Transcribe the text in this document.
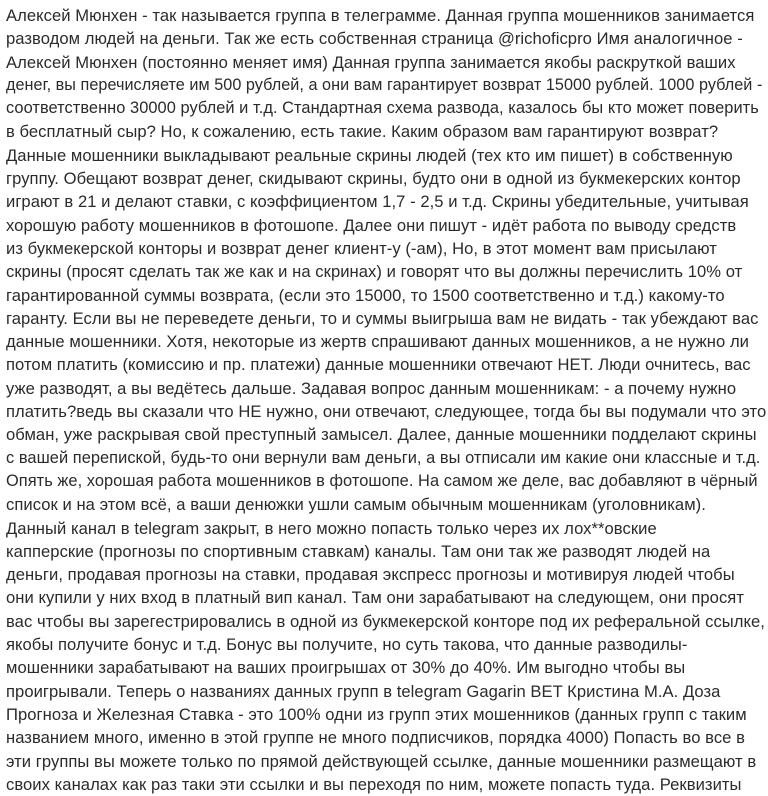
Алексей Мюнхен - так называется группа в телеграмме. Данная группа мошенников занимается
разводом людей на деньги. Так же есть собственная страница @richoficpro Имя аналогичное -
Алексей Мюнхен (постоянно меняет имя) Данная группа занимается якобы раскруткой ваших
денег, вы перечисляете им 500 рублей, а они вам гарантирует возврат 15000 рублей. 1000 рублей -
соответственно 30000 рублей и т.д. Стандартная схема развода, казалось бы кто может поверить
в бесплатный сыр? Но, к сожалению, есть такие. Каким образом вам гарантируют возврат?
Данные мошенники выкладывают реальные скрины людей (тех кто им пишет) в собственную
группу. Обещают возврат денег, скидывают скрины, будто они в одной из букмекерских контор
играют в 21 и делают ставки, с коэффициентом 1,7 - 2,5 и т.д. Скрины убедительные, учитывая
хорошую работу мошенников в фотошопе. Далее они пишут - идёт работа по выводу средств
из букмекерской конторы и возврат денег клиент-у (-ам), Но, в этот момент вам присылают
скрины (просят сделать так же как и на скринах) и говорят что вы должны перечислить 10% от
гарантированной суммы возврата, (если это 15000, то 1500 соответственно и т.д.) какому-то
гаранту. Если вы не переведете деньги, то и суммы выигрыша вам не видать - так убеждают вас
данные мошенники. Хотя, некоторые из жертв спрашивают данных мошенников, а не нужно ли
потом платить (комиссию и пр. платежи) данные мошенники отвечают НЕТ. Люди очнитесь, вас
уже разводят, а вы ведётесь дальше. Задавая вопрос данным мошенникам: - а почему нужно
платить?ведь вы сказали что НЕ нужно, они отвечают, следующее, тогда бы вы подумали что это
обман, уже раскрывая свой преступный замысел. Далее, данные мошенники подделают скрины
с вашей перепиской, будь-то они вернули вам деньги, а вы отписали им какие они классные и т.д.
Опять же, хорошая работа мошенников в фотошопе. На самом же деле, вас добавляют в чёрный
список и на этом всё, а ваши денюжки ушли самым обычным мошенникам (уголовникам).
Данный канал в telegram закрыт, в него можно попасть только через их лох**овские
капперские (прогнозы по спортивным ставкам) каналы. Там они так же разводят людей на
деньги, продавая прогнозы на ставки, продавая экспресс прогнозы и мотивируя людей чтобы
они купили у них вход в платный вип канал. Там они зарабатывают на следующем, они просят
вас чтобы вы зарегестрировались в одной из букмекерской конторе под их реферальной ссылке,
якобы получите бонус и т.д. Бонус вы получите, но суть такова, что данные разводилы-
мошенники зарабатывают на ваших проигрышах от 30% до 40%. Им выгодно чтобы вы
проигрывали. Теперь о названиях данных групп в telegram Gagarin BET Кристина М.А. Доза
Прогноза и Железная Ставка - это 100% одни из групп этих мошенников (данных групп с таким
названием много, именно в этой группе не много подписчиков, порядка 4000) Попасть во все в
эти группы вы можете только по прямой действующей ссылке, данные мошенники размещают в
своих каналах как раз таки эти ссылки и вы переходя по ним, можете попасть туда. Реквизиты
